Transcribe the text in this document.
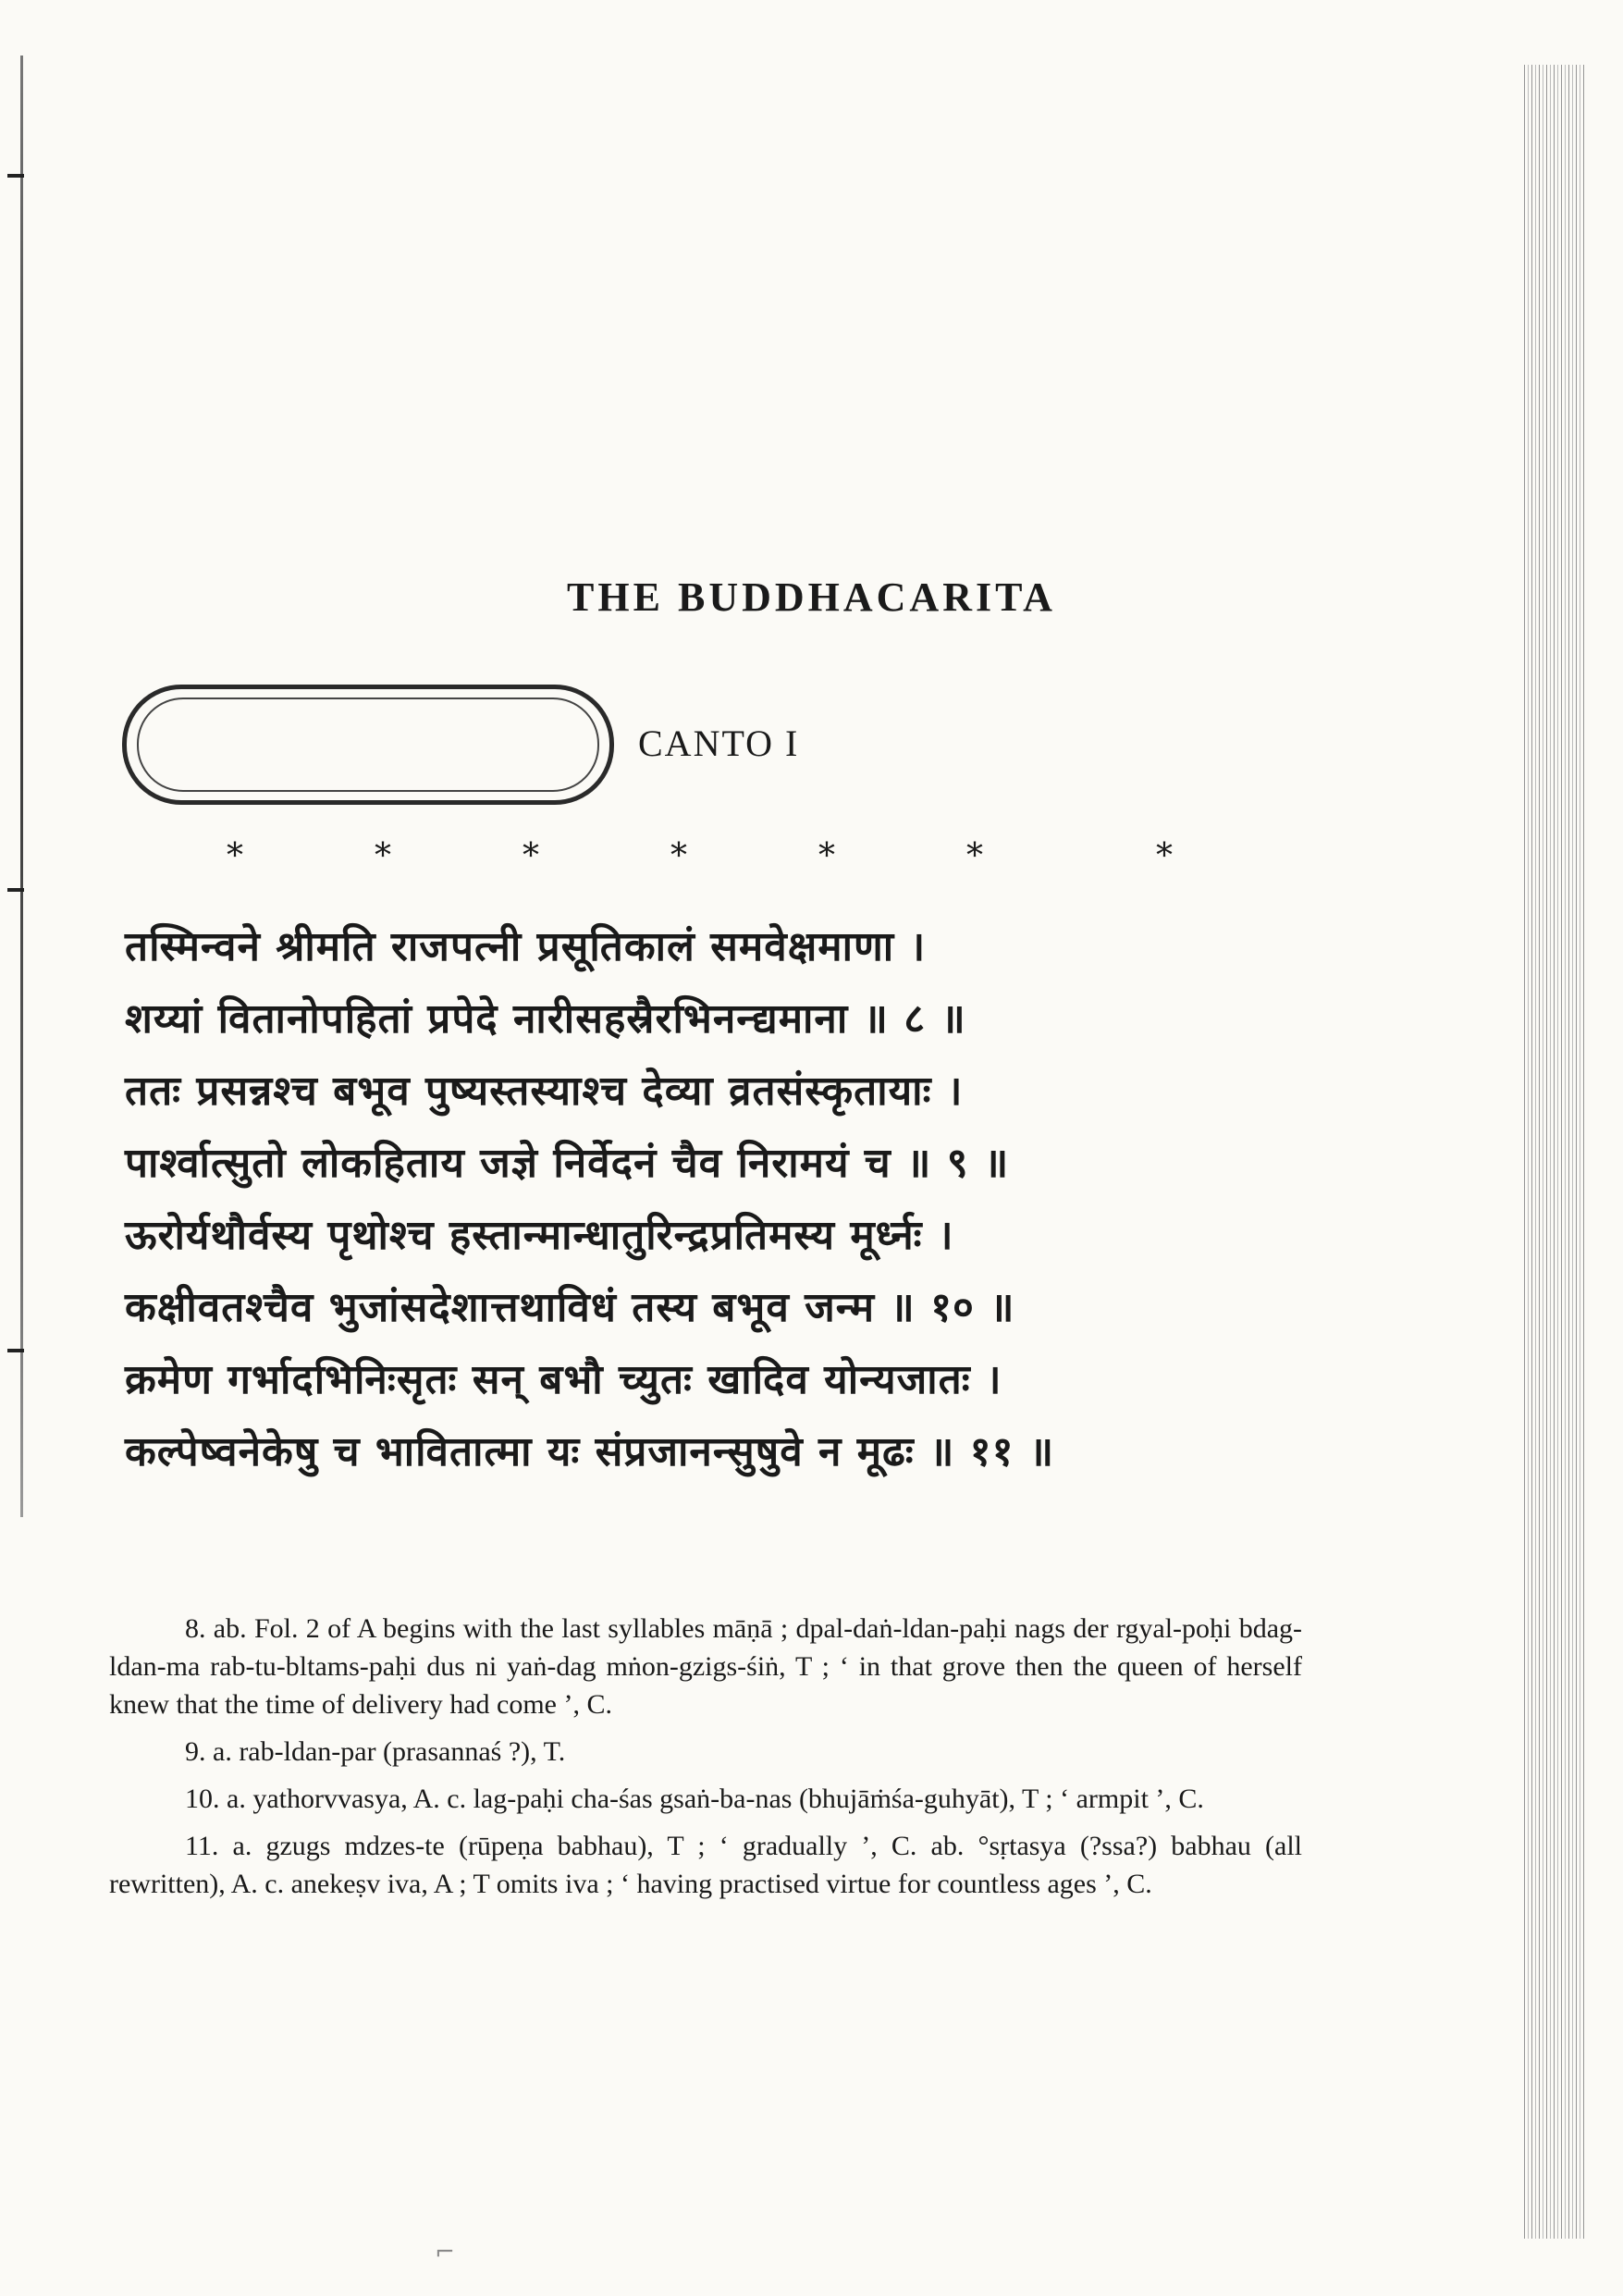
THE BUDDHACARITA
CANTO I
*	*	*	*	*	*	*
तस्मिन्वने श्रीमति राजपत्नी प्रसूतिकालं समवेक्षमाणा ।
शय्यां वितानोपहितां प्रपेदे नारीसहस्रैरभिनन्द्यमाना ॥ ८ ॥
ततः प्रसन्नश्च बभूव पुष्यस्तस्याश्च देव्या व्रतसंस्कृतायाः ।
पार्श्वात्सुतो लोकहिताय जज्ञे निर्वेदनं चैव निरामयं च ॥ ९ ॥
ऊरोर्यथौर्वस्य पृथोश्च हस्तान्मान्धातुरिन्द्रप्रतिमस्य मूर्ध्नः ।
कक्षीवतश्चैव भुजांसदेशात्तथाविधं तस्य बभूव जन्म ॥ १० ॥
क्रमेण गर्भादभिनिःसृतः सन् बभौ च्युतः खादिव योन्यजातः ।
कल्पेष्वनेकेषु च भावितात्मा यः संप्रजानन्सुषुवे न मूढः ॥ ११ ॥

8. ab. Fol. 2 of A begins with the last syllables māṇā ; dpal-daṅ-ldan-paḥi nags der rgyal-poḥi bdag-ldan-ma rab-tu-bltams-paḥi dus ni yaṅ-dag mṅon-gzigs-śiṅ, T ; ‘ in that grove then the queen of herself knew that the time of delivery had come ’, C.

9. a. rab-ldan-par (prasannaś ?), T.

10. a. yathorvvasya, A. c. lag-paḥi cha-śas gsaṅ-ba-nas (bhujāṁśa-guhyāt), T ; ‘ armpit ’, C.

11. a. gzugs mdzes-te (rūpeṇa babhau), T ; ‘ gradually ’, C. ab. °sṛtasya (?ssa?) babhau (all rewritten), A. c. anekeṣv iva, A ; T omits iva ; ‘ having practised virtue for countless ages ’, C.

⌐
